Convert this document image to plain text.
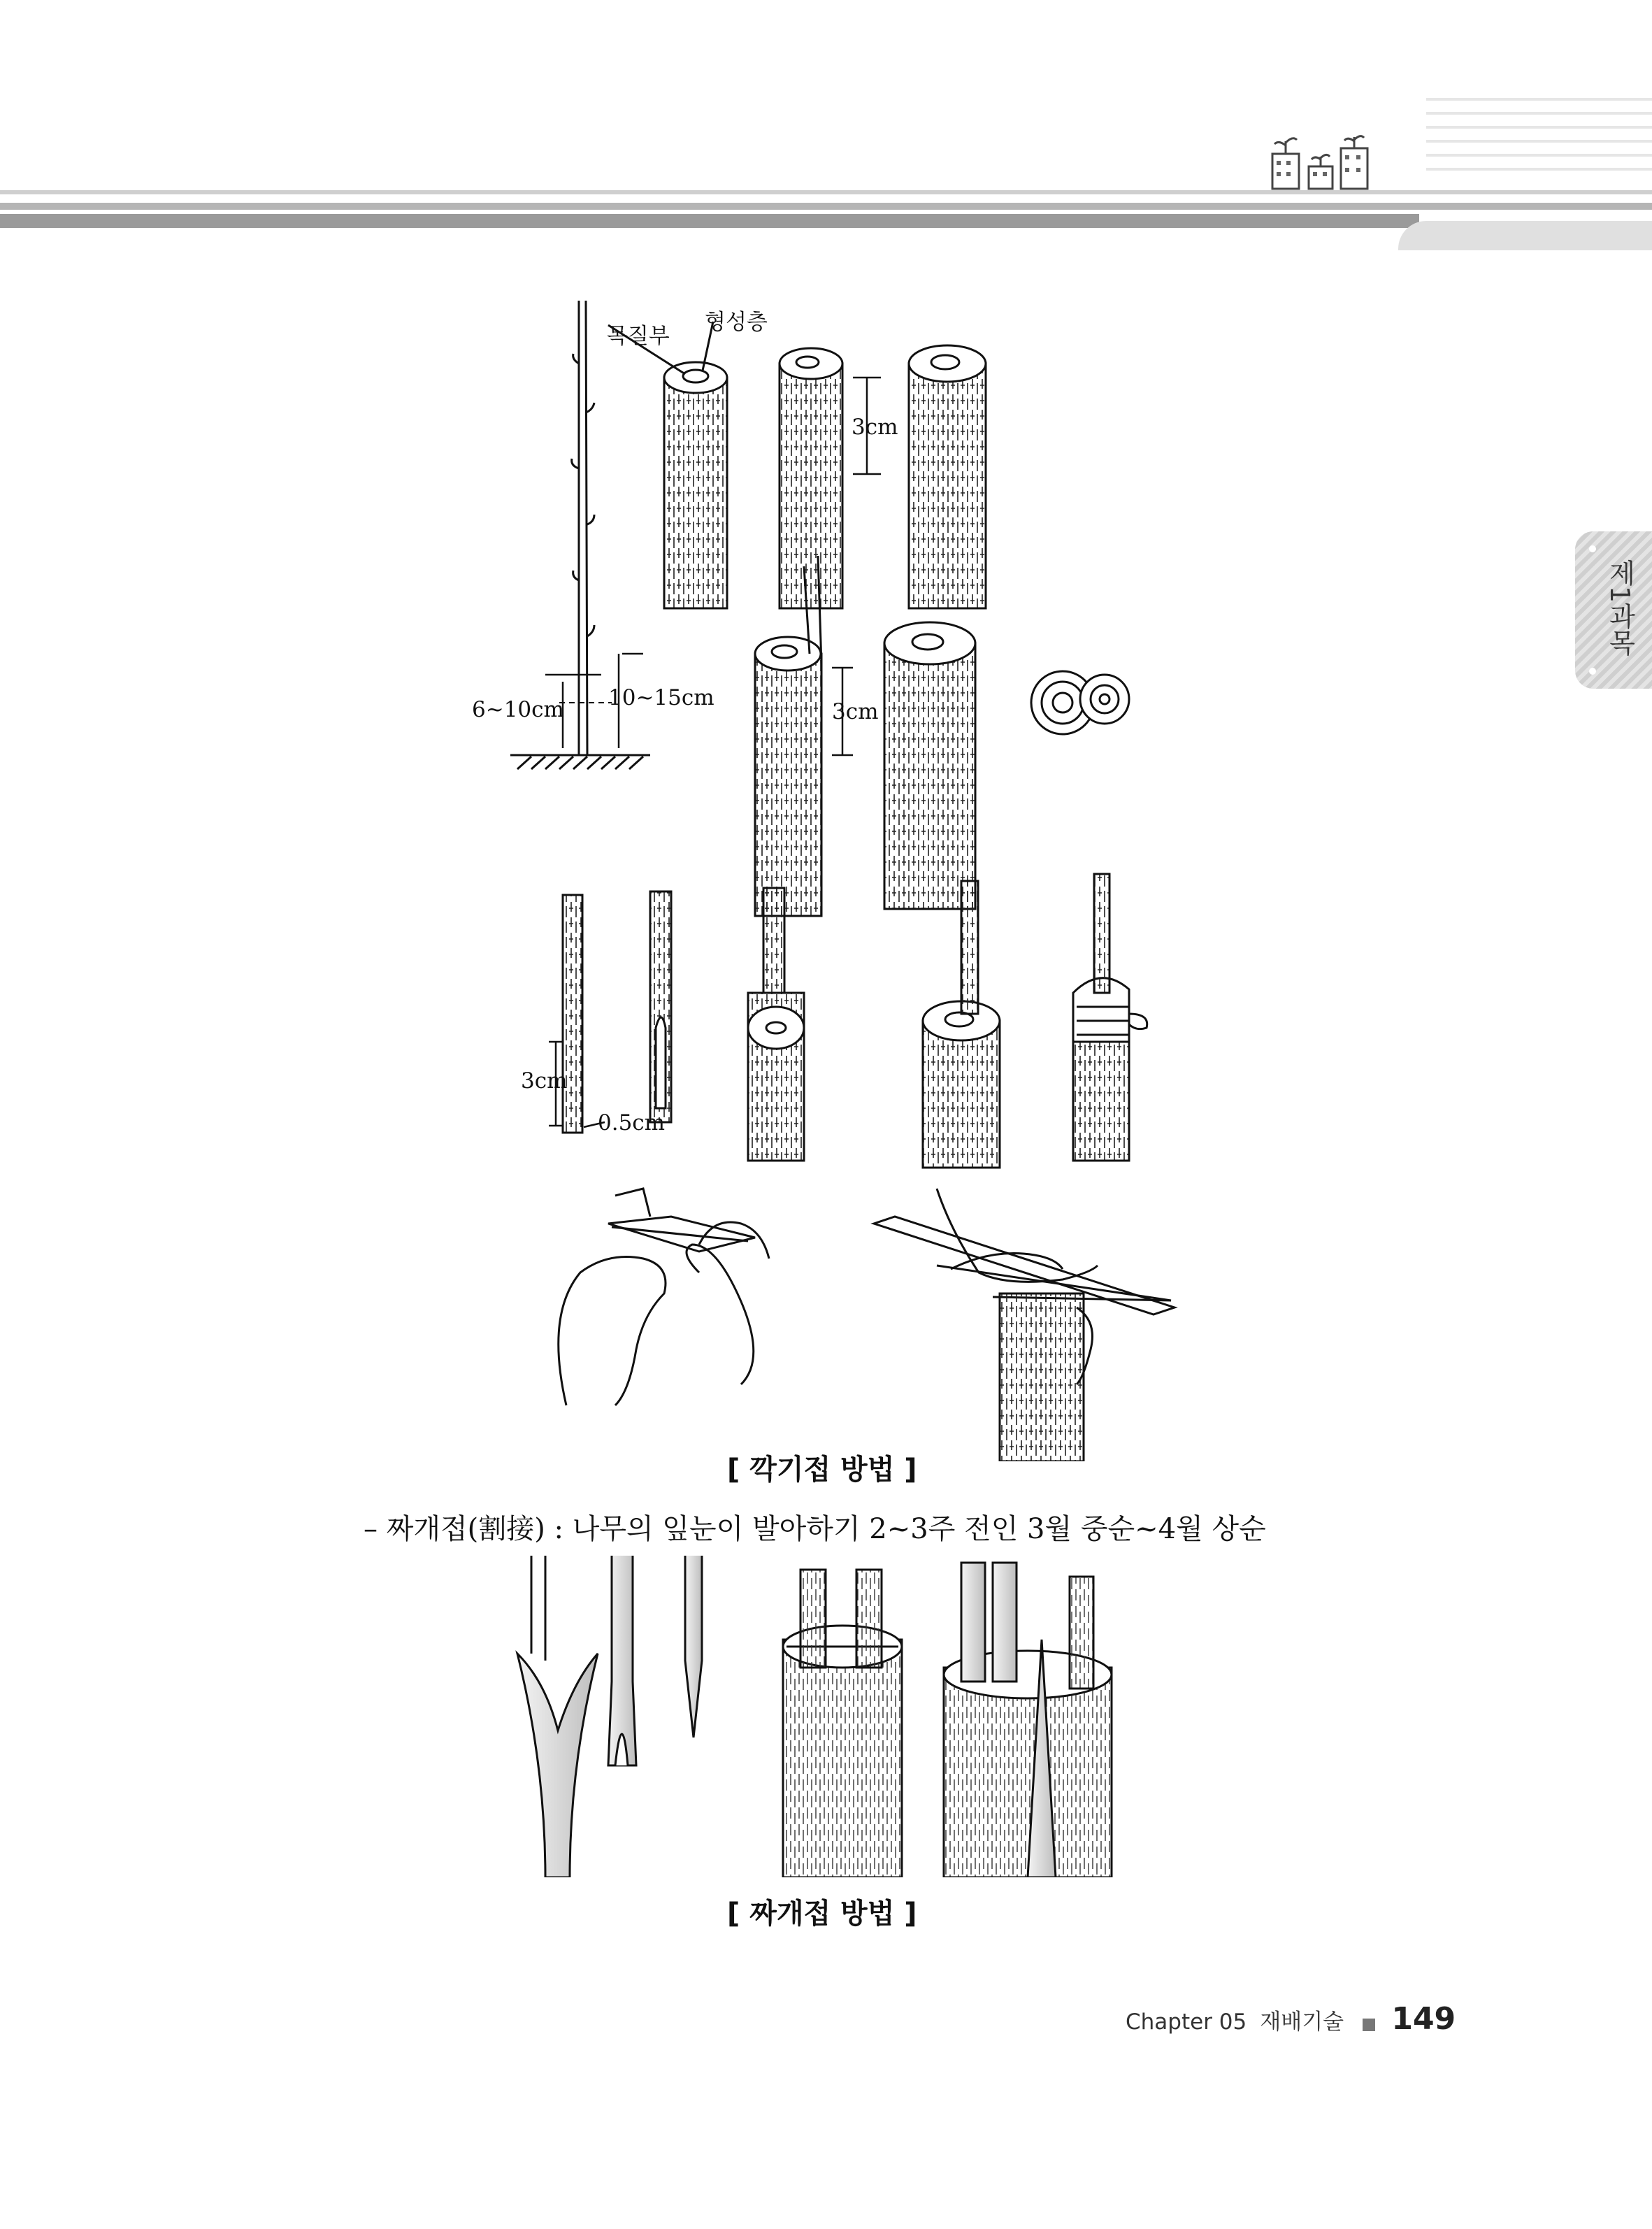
제1과목
목질부
형성층
3cm
3cm
3cm
0.5cm
6~10cm 10~15cm
[ 깍기접 방법 ]
– 짜개접(割接) : 나무의 잎눈이 발아하기 2~3주 전인 3월 중순~4월 상순
[ 짜개접 방법 ]
Chapter 05 재배기술 149
